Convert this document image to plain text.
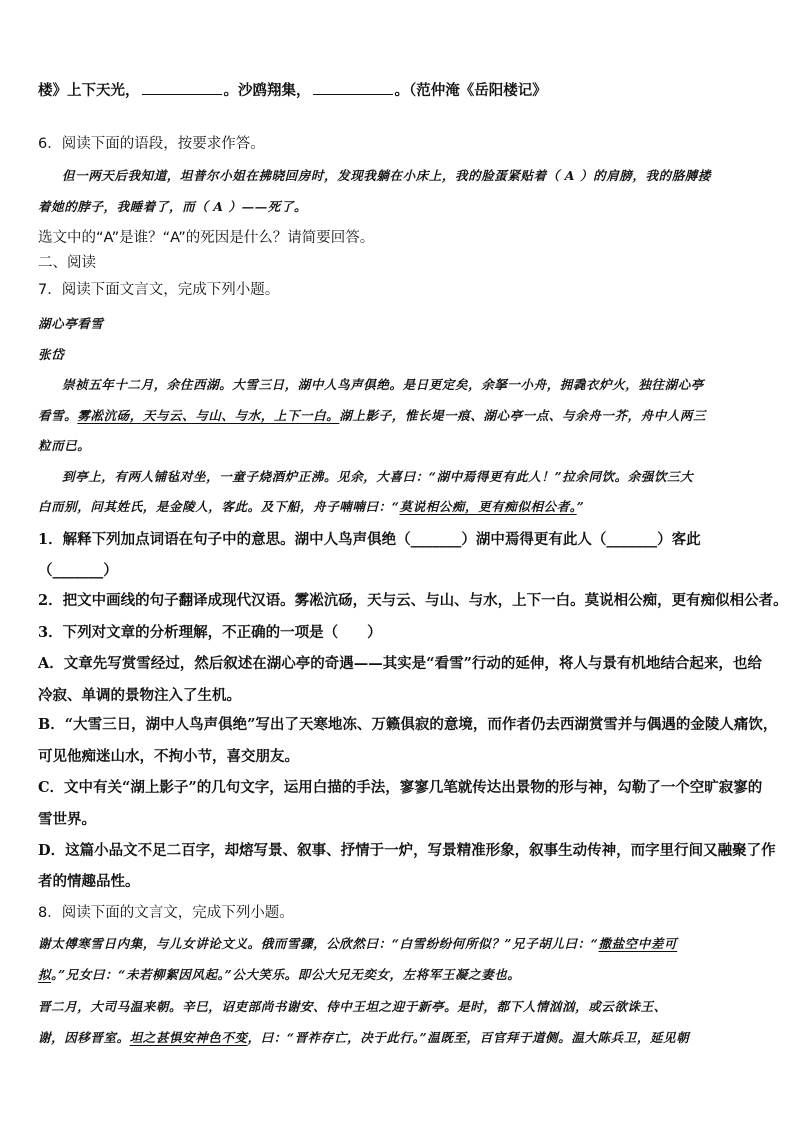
楼》上下天光，	。沙鸥翔集，	。（范仲淹《岳阳楼记》
6．阅读下面的语段，按要求作答。
但一两天后我知道，坦普尔小姐在拂晓回房时，发现我躺在小床上，我的脸蛋紧贴着（ A ）的肩膀，我的胳膊搂
着她的脖子，我睡着了，而（ A ）——死了。
选文中的“A”是谁？“A”的死因是什么？请简要回答。
二、阅读
7．阅读下面文言文，完成下列小题。
湖心亭看雪
张岱
崇祯五年十二月，余住西湖。大雪三日，湖中人鸟声俱绝。是日更定矣，余拏一小舟，拥毳衣炉火，独往湖心亭
看雪。雾凇沆砀，天与云、与山、与水，上下一白。湖上影子，惟长堤一痕、湖心亭一点、与余舟一芥，舟中人两三
粒而已。
到亭上，有两人铺毡对坐，一童子烧酒炉正沸。见余，大喜曰：“湖中焉得更有此人！”拉余同饮。余强饮三大
白而别，问其姓氏，是金陵人，客此。及下船，舟子喃喃曰：“莫说相公痴，更有痴似相公者。”
1．解释下列加点词语在句子中的意思。湖中人鸟声俱绝（_______）湖中焉得更有此人（_______）客此
（_______）
2．把文中画线的句子翻译成现代汉语。雾凇沆砀，天与云、与山、与水，上下一白。莫说相公痴，更有痴似相公者。
3．下列对文章的分析理解，不正确的一项是（　　）
A．文章先写赏雪经过，然后叙述在湖心亭的奇遇——其实是“看雪”行动的延伸，将人与景有机地结合起来，也给
冷寂、单调的景物注入了生机。
B．“大雪三日，湖中人鸟声俱绝”写出了天寒地冻、万籁俱寂的意境，而作者仍去西湖赏雪并与偶遇的金陵人痛饮，
可见他痴迷山水，不拘小节，喜交朋友。
C．文中有关“湖上影子”的几句文字，运用白描的手法，寥寥几笔就传达出景物的形与神，勾勒了一个空旷寂寥的
雪世界。
D．这篇小品文不足二百字，却熔写景、叙事、抒情于一炉，写景精准形象，叙事生动传神，而字里行间又融聚了作
者的情趣品性。
8．阅读下面的文言文，完成下列小题。
谢太傅寒雪日内集，与儿女讲论文义。俄而雪骤，公欣然曰：“白雪纷纷何所似？”兄子胡儿曰：“撒盐空中差可
拟。”兄女曰：“未若柳絮因风起。”公大笑乐。即公大兄无奕女，左将军王凝之妻也。
晋二月，大司马温来朝。辛巳，诏吏部尚书谢安、侍中王坦之迎于新亭。是时，都下人情汹汹，或云欲诛王、
谢，因移晋室。坦之甚惧安神色不变，曰：“晋祚存亡，决于此行。”温既至，百官拜于道侧。温大陈兵卫，延见朝
